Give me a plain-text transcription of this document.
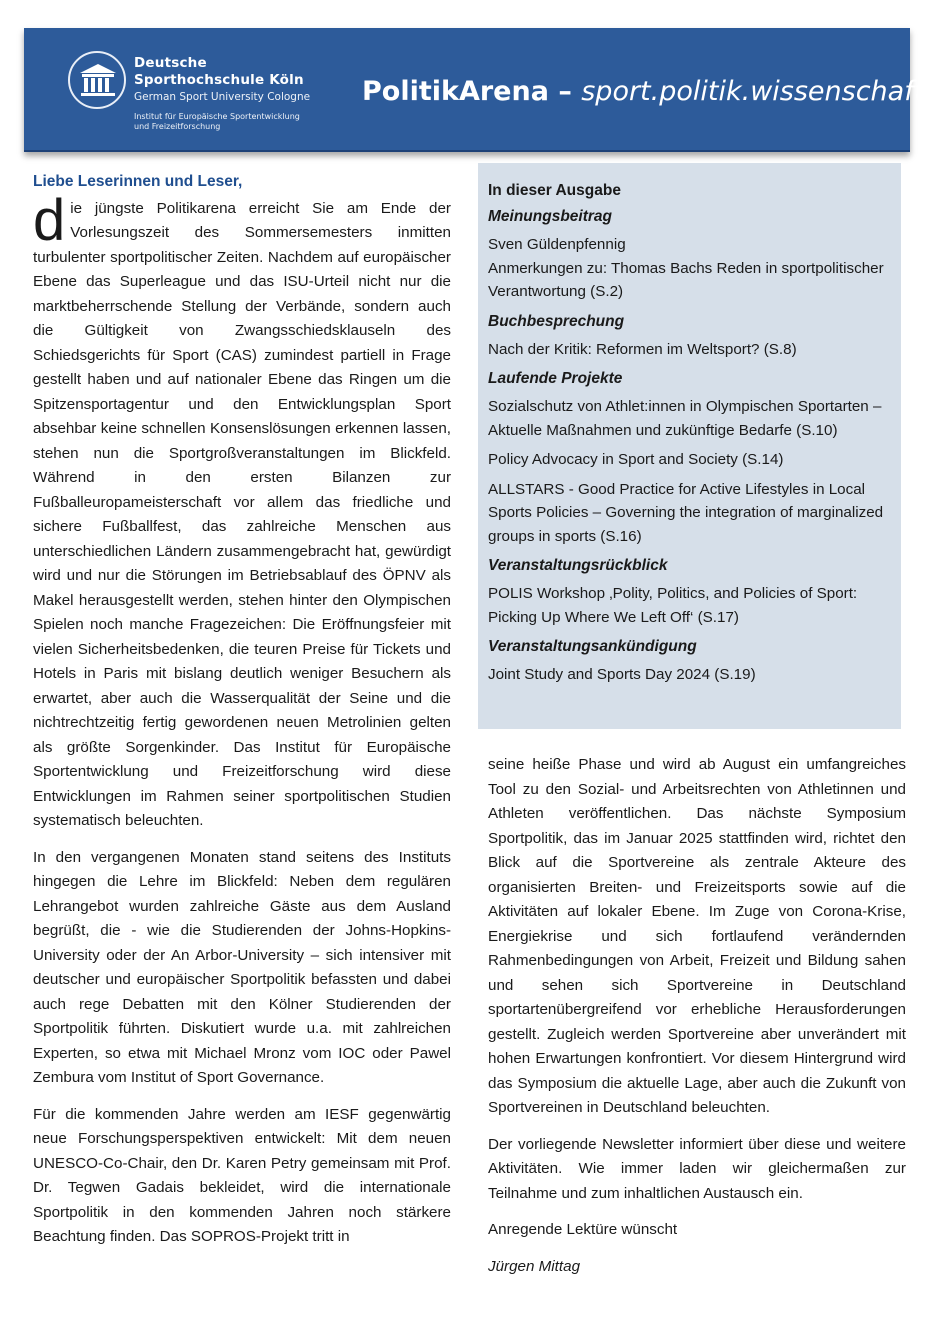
Deutsche
Sporthochschule Köln
German Sport University Cologne
Institut für Europäische Sportentwicklung und Freizeitforschung
PolitikArena – sport.politik.wissenschaft
Liebe Leserinnen und Leser,

die jüngste Politikarena erreicht Sie am Ende der Vorlesungszeit des Sommersemesters inmitten turbulenter sportpolitischer Zeiten. Nachdem auf europäischer Ebene das Superleague und das ISU-Urteil nicht nur die marktbeherrschende Stellung der Verbände, sondern auch die Gültigkeit von Zwangsschiedsklauseln des Schiedsgerichts für Sport (CAS) zumindest partiell in Frage gestellt haben und auf nationaler Ebene das Ringen um die Spitzensportagentur und den Entwicklungsplan Sport absehbar keine schnellen Konsenslösungen erkennen lassen, stehen nun die Sportgroßveranstaltungen im Blickfeld. Während in den ersten Bilanzen zur Fußballeuropameisterschaft vor allem das friedliche und sichere Fußballfest, das zahlreiche Menschen aus unterschiedlichen Ländern zusammengebracht hat, gewürdigt wird und nur die Störungen im Betriebsablauf des ÖPNV als Makel herausgestellt werden, stehen hinter den Olympischen Spielen noch manche Fragezeichen: Die Eröffnungsfeier mit vielen Sicherheitsbedenken, die teuren Preise für Tickets und Hotels in Paris mit bislang deutlich weniger Besuchern als erwartet, aber auch die Wasserqualität der Seine und die nichtrechtzeitig fertig gewordenen neuen Metrolinien gelten als größte Sorgenkinder. Das Institut für Europäische Sportentwicklung und Freizeitforschung wird diese Entwicklungen im Rahmen seiner sportpolitischen Studien systematisch beleuchten.

In den vergangenen Monaten stand seitens des Instituts hingegen die Lehre im Blickfeld: Neben dem regulären Lehrangebot wurden zahlreiche Gäste aus dem Ausland begrüßt, die - wie die Studierenden der Johns-Hopkins-University oder der An Arbor-University – sich intensiver mit deutscher und europäischer Sportpolitik befassten und dabei auch rege Debatten mit den Kölner Studierenden der Sportpolitik führten. Diskutiert wurde u.a. mit zahlreichen Experten, so etwa mit Michael Mronz vom IOC oder Pawel Zembura vom Institut of Sport Governance.

Für die kommenden Jahre werden am IESF gegenwärtig neue Forschungsperspektiven entwickelt: Mit dem neuen UNESCO-Co-Chair, den Dr. Karen Petry gemeinsam mit Prof. Dr. Tegwen Gadais bekleidet, wird die internationale Sportpolitik in den kommenden Jahren noch stärkere Beachtung finden. Das SOPROS-Projekt tritt in

In dieser Ausgabe
Meinungsbeitrag
Sven Güldenpfennig
Anmerkungen zu: Thomas Bachs Reden in sportpolitischer Verantwortung (S.2)
Buchbesprechung
Nach der Kritik: Reformen im Weltsport? (S.8)
Laufende Projekte
Sozialschutz von Athlet:innen in Olympischen Sportarten – Aktuelle Maßnahmen und zukünftige Bedarfe (S.10)
Policy Advocacy in Sport and Society (S.14)
ALLSTARS - Good Practice for Active Lifestyles in Local Sports Policies – Governing the integration of marginalized groups in sports (S.16)
Veranstaltungsrückblick
POLIS Workshop ‚Polity, Politics, and Policies of Sport: Picking Up Where We Left Off‘ (S.17)
Veranstaltungsankündigung
Joint Study and Sports Day 2024 (S.19)

seine heiße Phase und wird ab August ein umfangreiches Tool zu den Sozial- und Arbeitsrechten von Athletinnen und Athleten veröffentlichen. Das nächste Symposium Sportpolitik, das im Januar 2025 stattfinden wird, richtet den Blick auf die Sportvereine als zentrale Akteure des organisierten Breiten- und Freizeitsports sowie auf die Aktivitäten auf lokaler Ebene. Im Zuge von Corona-Krise, Energiekrise und sich fortlaufend verändernden Rahmenbedingungen von Arbeit, Freizeit und Bildung sahen und sehen sich Sportvereine in Deutschland sportartenübergreifend vor erhebliche Herausforderungen gestellt. Zugleich werden Sportvereine aber unverändert mit hohen Erwartungen konfrontiert. Vor diesem Hintergrund wird das Symposium die aktuelle Lage, aber auch die Zukunft von Sportvereinen in Deutschland beleuchten.

Der vorliegende Newsletter informiert über diese und weitere Aktivitäten. Wie immer laden wir gleichermaßen zur Teilnahme und zum inhaltlichen Austausch ein.

Anregende Lektüre wünscht

Jürgen Mittag
